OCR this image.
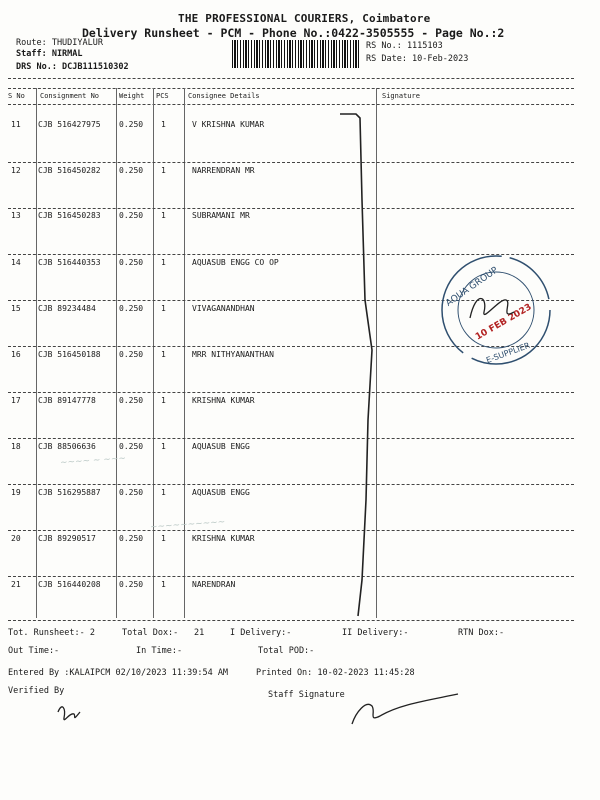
THE PROFESSIONAL COURIERS, Coimbatore
Delivery Runsheet - PCM - Phone No.:0422-3505555 - Page No.:2
Route: THUDIYALUR
Staff: NIRMAL
DRS No.: DCJB111510302
RS No.: 1115103
RS Date: 10-Feb-2023
S No Consignment No	Weight PCS	Consignee Details	Signature
11 CJB 516427975 0.250 1	V KRISHNA KUMAR
12 CJB 516450282 0.250 1	NARRENDRAN MR
13 CJB 516450283 0.250 1	SUBRAMANI MR
14 CJB 516440353 0.250 1	AQUASUB ENGG CO OP
15 CJB 89234484	0.250 1	VIVAGANANDHAN
16 CJB 516450188 0.250 1	MRR NITHYANANTHAN
17 CJB 89147778	0.250 1	KRISHNA KUMAR
18 CJB 88506636	0.250 1	AQUASUB ENGG
19 CJB 516295887 0.250 1	AQUASUB ENGG
20 CJB 89290517	0.250 1	KRISHNA KUMAR
21 CJB 516440208 0.250 1	NARENDRAN
~~~~ ~ ~~~
~~~~~~~~~~
AQUA GROUP
E-SUPPLIER
10 FEB 2023
Tot. Runsheet:- 2	Total Dox:- 21	I Delivery:-	II Delivery:-	RTN Dox:-
Out Time:-	In Time:-	Total POD:-
Entered By :KALAIPCM 02/10/2023 11:39:54 AM	Printed On: 10-02-2023 11:45:28
Verified By	Staff Signature
